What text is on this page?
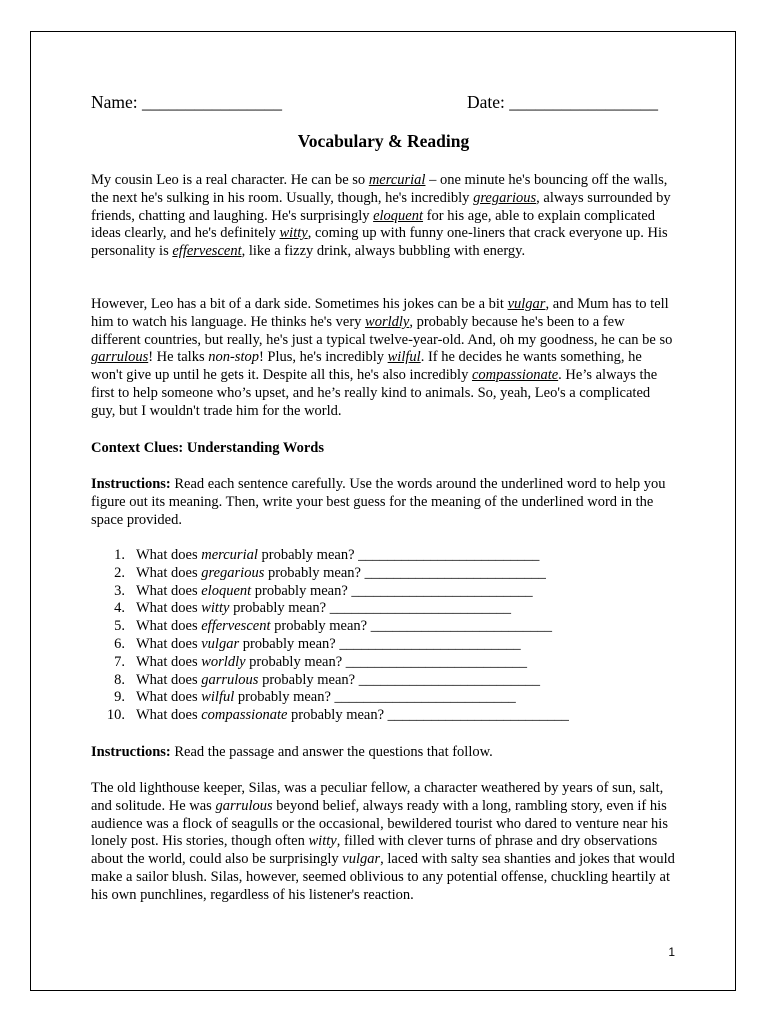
Name: ________________	Date: _________________
Vocabulary & Reading

My cousin Leo is a real character. He can be so mercurial – one minute he's bouncing off the walls, the next he's sulking in his room. Usually, though, he's incredibly gregarious, always surrounded by friends, chatting and laughing. He's surprisingly eloquent for his age, able to explain complicated ideas clearly, and he's definitely witty, coming up with funny one-liners that crack everyone up. His personality is effervescent, like a fizzy drink, always bubbling with energy.

However, Leo has a bit of a dark side. Sometimes his jokes can be a bit vulgar, and Mum has to tell him to watch his language. He thinks he's very worldly, probably because he's been to a few different countries, but really, he's just a typical twelve-year-old. And, oh my goodness, he can be so garrulous! He talks non-stop! Plus, he's incredibly wilful. If he decides he wants something, he won't give up until he gets it. Despite all this, he's also incredibly compassionate. He’s always the first to help someone who’s upset, and he’s really kind to animals. So, yeah, Leo's a complicated guy, but I wouldn't trade him for the world.

Context Clues: Understanding Words

Instructions: Read each sentence carefully. Use the words around the underlined word to help you figure out its meaning. Then, write your best guess for the meaning of the underlined word in the space provided.

1. What does mercurial probably mean? _________________________
2. What does gregarious probably mean? _________________________
3. What does eloquent probably mean? _________________________
4. What does witty probably mean? _________________________
5. What does effervescent probably mean? _________________________
6. What does vulgar probably mean? _________________________
7. What does worldly probably mean? _________________________
8. What does garrulous probably mean? _________________________
9. What does wilful probably mean? _________________________
10. What does compassionate probably mean? _________________________

Instructions: Read the passage and answer the questions that follow.

The old lighthouse keeper, Silas, was a peculiar fellow, a character weathered by years of sun, salt, and solitude. He was garrulous beyond belief, always ready with a long, rambling story, even if his audience was a flock of seagulls or the occasional, bewildered tourist who dared to venture near his lonely post. His stories, though often witty, filled with clever turns of phrase and dry observations about the world, could also be surprisingly vulgar, laced with salty sea shanties and jokes that would make a sailor blush. Silas, however, seemed oblivious to any potential offense, chuckling heartily at his own punchlines, regardless of his listener's reaction.

1
